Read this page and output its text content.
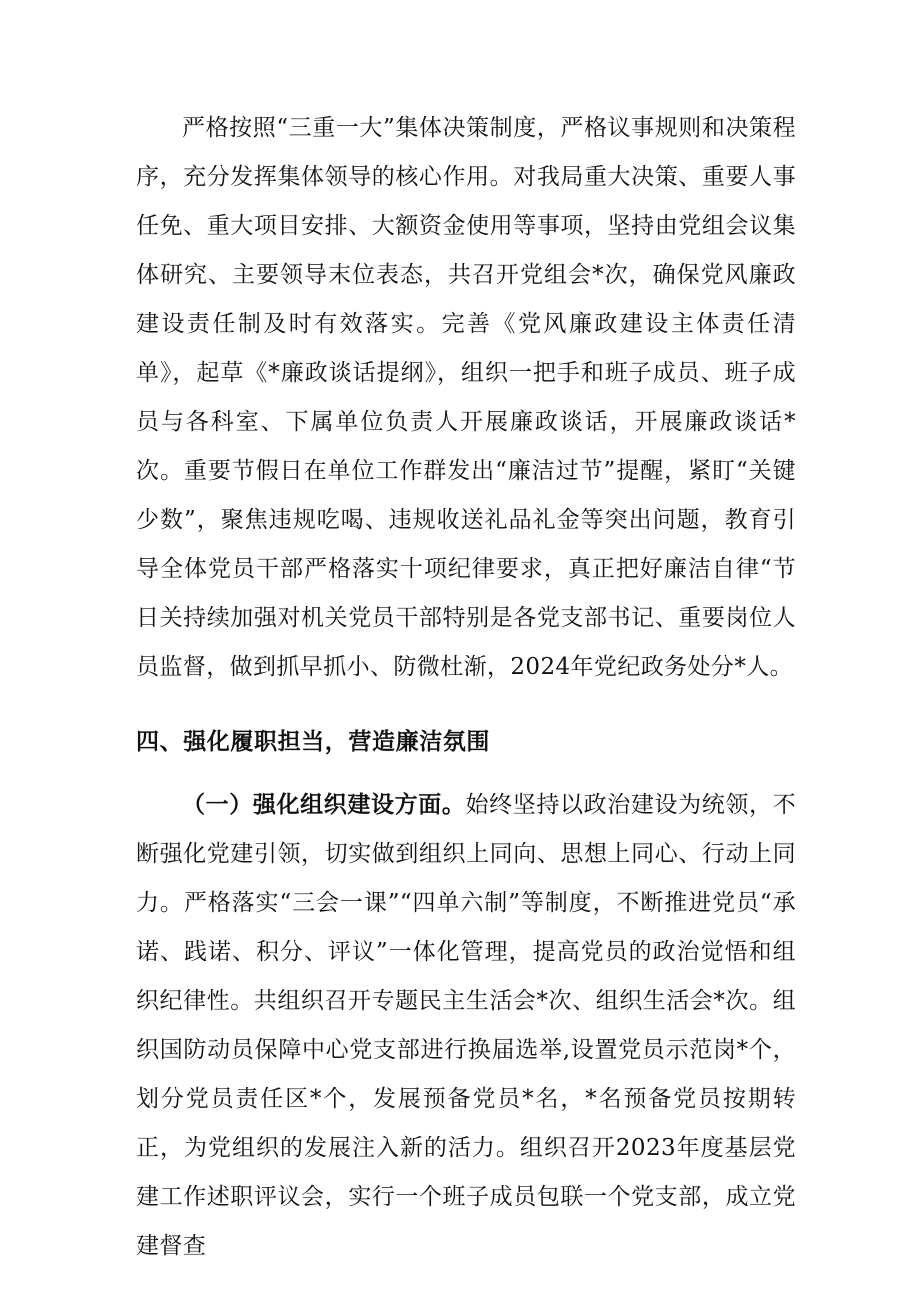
严格按照“三重一大”集体决策制度，严格议事规则和决策程序，充分发挥集体领导的核心作用。对我局重大决策、重要人事任免、重大项目安排、大额资金使用等事项，坚持由党组会议集体研究、主要领导末位表态，共召开党组会*次，确保党风廉政建设责任制及时有效落实。完善《党风廉政建设主体责任清单》，起草《*廉政谈话提纲》，组织一把手和班子成员、班子成员与各科室、下属单位负责人开展廉政谈话，开展廉政谈话*次。重要节假日在单位工作群发出“廉洁过节”提醒，紧盯“关键少数”，聚焦违规吃喝、违规收送礼品礼金等突出问题，教育引导全体党员干部严格落实十项纪律要求，真正把好廉洁自律“节日关持续加强对机关党员干部特别是各党支部书记、重要岗位人员监督，做到抓早抓小、防微杜渐，2024年党纪政务处分*人。

四、强化履职担当，营造廉洁氛围

（一）强化组织建设方面。始终坚持以政治建设为统领，不断强化党建引领，切实做到组织上同向、思想上同心、行动上同力。严格落实“三会一课”“四单六制”等制度，不断推进党员“承诺、践诺、积分、评议”一体化管理，提高党员的政治觉悟和组织纪律性。共组织召开专题民主生活会*次、组织生活会*次。组织国防动员保障中心党支部进行换届选举,设置党员示范岗*个，划分党员责任区*个，发展预备党员*名，*名预备党员按期转正，为党组织的发展注入新的活力。组织召开2023年度基层党建工作述职评议会，实行一个班子成员包联一个党支部，成立党建督查
